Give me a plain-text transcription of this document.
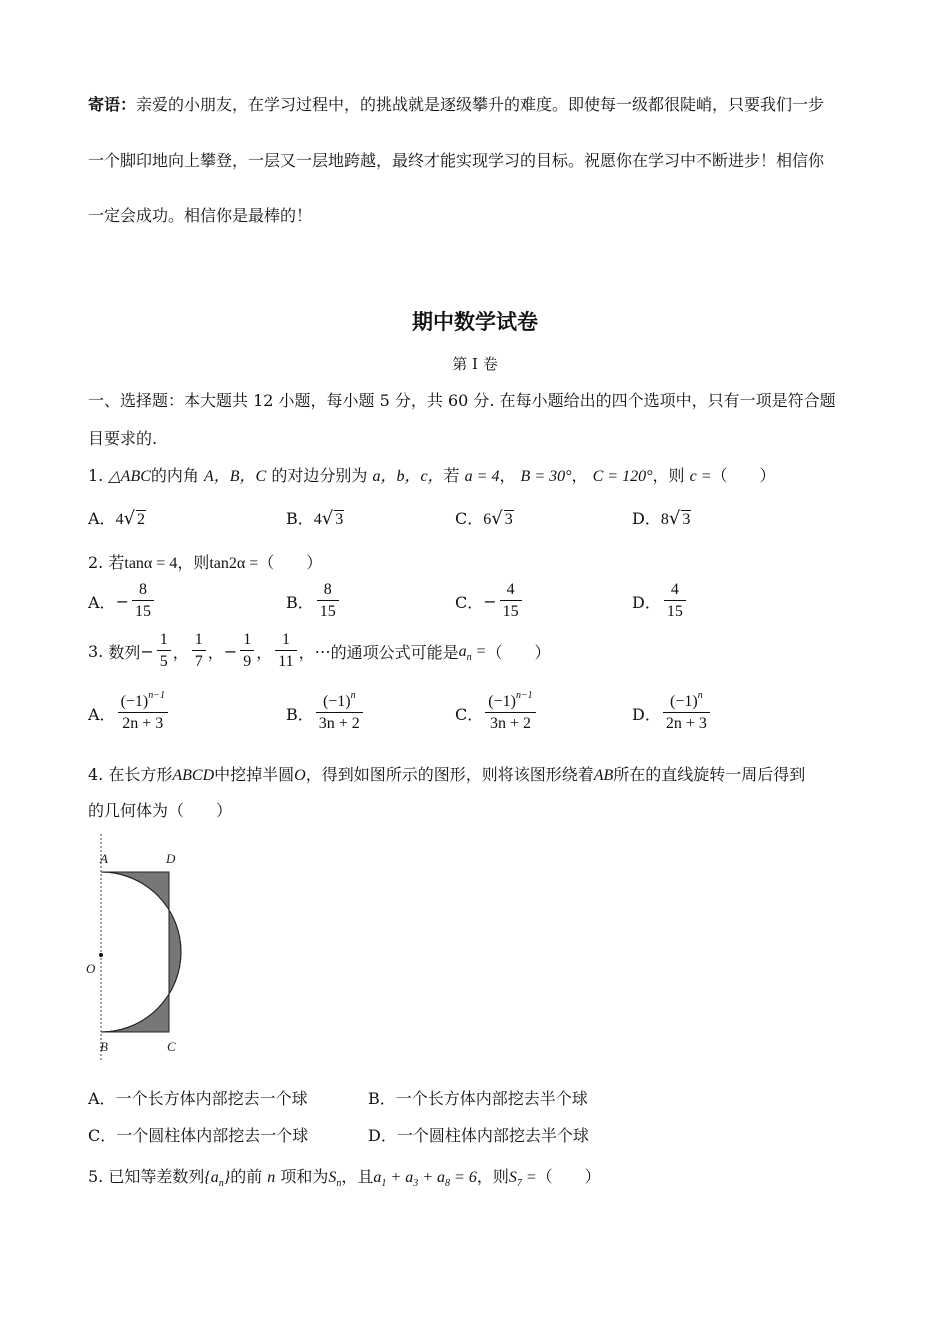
寄语：亲爱的小朋友，在学习过程中，的挑战就是逐级攀升的难度。即使每一级都很陡峭，只要我们一步
一个脚印地向上攀登，一层又一层地跨越，最终才能实现学习的目标。祝愿你在学习中不断进步！相信你
一定会成功。相信你是最棒的！
期中数学试卷
第 I 卷
一、选择题：本大题共 12 小题，每小题 5 分，共 60 分. 在每小题给出的四个选项中，只有一项是符合题
目要求的.
1. △ABC的内角 A，B，C 的对边分别为 a，b，c，若 a = 4， B = 30°， C = 120°，则 c =（　　）
A．4√ 2	B．4√ 3	C．6√ 3	D．8√ 3
2. 若tanα = 4，则tan2α =（　　）
A．− $\frac{8}{15}$	B． $\frac{8}{15}$	C．− $\frac{4}{15}$	D． $\frac{4}{15}$
3. 数列− $\frac{1}{5}$ ， $\frac{1}{7}$ ，− $\frac{1}{9}$ ， $\frac{1}{11}$ ，⋯的通项公式可能是$a_n$ =（　　）
A． $\frac{(-1)^{n-1}}{2n + 3}$	B． $\frac{(-1)^n}{3n + 2}$	C． $\frac{(-1)^{n-1}}{3n + 2}$	D． $\frac{(-1)^n}{2n + 3}$
4. 在长方形ABCD中挖掉半圆O，得到如图所示的图形，则将该图形绕着AB所在的直线旋转一周后得到
的几何体为（　　）
A	D
O
B	C
A．一个长方体内部挖去一个球	B．一个长方体内部挖去半个球
C．一个圆柱体内部挖去一个球	D．一个圆柱体内部挖去半个球
5. 已知等差数列$\{a_n\}$的前 n 项和为$S_n$，且$a_1 + a_3 + a_8 = 6$，则$S_7$ =（　　）
